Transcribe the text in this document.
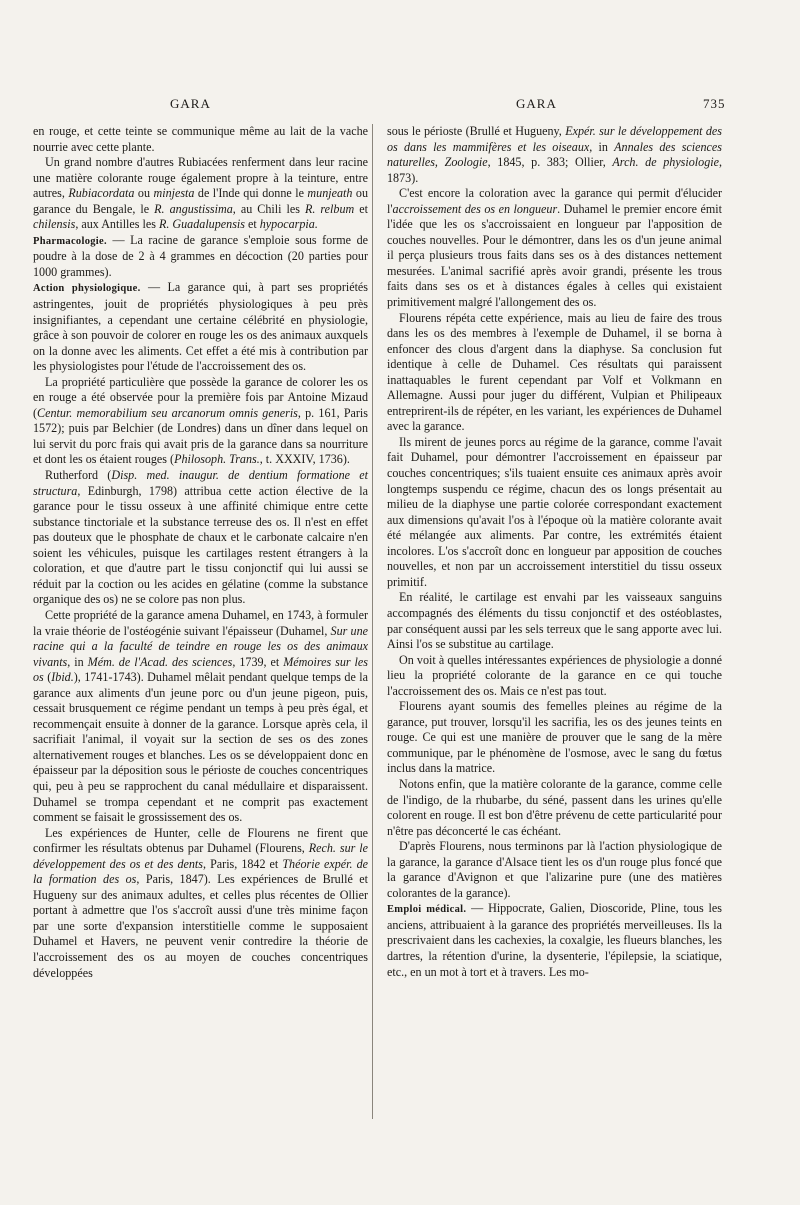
GARA	GARA	735

en rouge, et cette teinte se communique même au lait de la vache nourrie avec cette plante.

Un grand nombre d'autres Rubiacées renferment dans leur racine une matière colorante rouge également propre à la teinture, entre autres, Rubiacordata ou minjesta de l'Inde qui donne le munjeath ou garance du Bengale, le R. angustissima, au Chili les R. relbum et chilensis, aux Antilles les R. Guadalupensis et hypocarpia.

Pharmacologie. — La racine de garance s'emploie sous forme de poudre à la dose de 2 à 4 grammes en décoction (20 parties pour 1000 grammes).

Action physiologique. — La garance qui, à part ses propriétés astringentes, jouit de propriétés physiologiques à peu près insignifiantes, a cependant une certaine célébrité en physiologie, grâce à son pouvoir de colorer en rouge les os des animaux auxquels on la donne avec les aliments. Cet effet a été mis à contribution par les physiologistes pour l'étude de l'accroissement des os.

La propriété particulière que possède la garance de colorer les os en rouge a été observée pour la première fois par Antoine Mizaud (Centur. memorabilium seu arcanorum omnis generis, p. 161, Paris 1572); puis par Belchier (de Londres) dans un dîner dans lequel on lui servit du porc frais qui avait pris de la garance dans sa nourriture et dont les os étaient rouges (Philosoph. Trans., t. XXXIV, 1736).

Rutherford (Disp. med. inaugur. de dentium formatione et structura, Edinburgh, 1798) attribua cette action élective de la garance pour le tissu osseux à une affinité chimique entre cette substance tinctoriale et la substance terreuse des os. Il n'est en effet pas douteux que le phosphate de chaux et le carbonate calcaire n'en soient les véhicules, puisque les cartilages restent étrangers à la coloration, et que d'autre part le tissu conjonctif qui lui aussi se réduit par la coction ou les acides en gélatine (comme la substance organique des os) ne se colore pas non plus.

Cette propriété de la garance amena Duhamel, en 1743, à formuler la vraie théorie de l'ostéogénie suivant l'épaisseur (Duhamel, Sur une racine qui a la faculté de teindre en rouge les os des animaux vivants, in Mém. de l'Acad. des sciences, 1739, et Mémoires sur les os (Ibid.), 1741-1743). Duhamel mêlait pendant quelque temps de la garance aux aliments d'un jeune porc ou d'un jeune pigeon, puis, cessait brusquement ce régime pendant un temps à peu près égal, et recommençait ensuite à donner de la garance. Lorsque après cela, il sacrifiait l'animal, il voyait sur la section de ses os des zones alternativement rouges et blanches. Les os se développaient donc en épaisseur par la déposition sous le périoste de couches concentriques qui, peu à peu se rapprochent du canal médullaire et disparaissent. Duhamel se trompa cependant et ne comprit pas exactement comment se faisait le grossissement des os.

Les expériences de Hunter, celle de Flourens ne firent que confirmer les résultats obtenus par Duhamel (Flourens, Rech. sur le développement des os et des dents, Paris, 1842 et Théorie expér. de la formation des os, Paris, 1847). Les expériences de Brullé et Hugueny sur des animaux adultes, et celles plus récentes de Ollier portant à admettre que l'os s'accroît aussi d'une très minime façon par une sorte d'expansion interstitielle comme le supposaient Duhamel et Havers, ne peuvent venir contredire la théorie de l'accroissement des os au moyen de couches concentriques développées

sous le périoste (Brullé et Hugueny, Expér. sur le développement des os dans les mammifères et les oiseaux, in Annales des sciences naturelles, Zoologie, 1845, p. 383; Ollier, Arch. de physiologie, 1873).

C'est encore la coloration avec la garance qui permit d'élucider l'accroissement des os en longueur. Duhamel le premier encore émit l'idée que les os s'accroissaient en longueur par l'apposition de couches nouvelles. Pour le démontrer, dans les os d'un jeune animal il perça plusieurs trous faits dans ses os à des distances nettement mesurées. L'animal sacrifié après avoir grandi, présente les trous faits dans ses os et à distances égales à celles qui existaient primitivement malgré l'allongement des os.

Flourens répéta cette expérience, mais au lieu de faire des trous dans les os des membres à l'exemple de Duhamel, il se borna à enfoncer des clous d'argent dans la diaphyse. Sa conclusion fut identique à celle de Duhamel. Ces résultats qui paraissent inattaquables le furent cependant par Volf et Volkmann en Allemagne. Aussi pour juger du différent, Vulpian et Philipeaux entreprirent-ils de répéter, en les variant, les expériences de Duhamel avec la garance.

Ils mirent de jeunes porcs au régime de la garance, comme l'avait fait Duhamel, pour démontrer l'accroissement en épaisseur par couches concentriques; s'ils tuaient ensuite ces animaux après avoir longtemps suspendu ce régime, chacun des os longs présentait au milieu de la diaphyse une partie colorée correspondant exactement aux dimensions qu'avait l'os à l'époque où la matière colorante avait été mélangée aux aliments. Par contre, les extrémités étaient incolores. L'os s'accroît donc en longueur par apposition de couches nouvelles, et non par un accroissement interstitiel du tissu osseux primitif.

En réalité, le cartilage est envahi par les vaisseaux sanguins accompagnés des éléments du tissu conjonctif et des ostéoblastes, par conséquent aussi par les sels terreux que le sang apporte avec lui. Ainsi l'os se substitue au cartilage.

On voit à quelles intéressantes expériences de physiologie a donné lieu la propriété colorante de la garance en ce qui touche l'accroissement des os. Mais ce n'est pas tout.

Flourens ayant soumis des femelles pleines au régime de la garance, put trouver, lorsqu'il les sacrifia, les os des jeunes teints en rouge. Ce qui est une manière de prouver que le sang de la mère communique, par le phénomène de l'osmose, avec le sang du fœtus inclus dans la matrice.

Notons enfin, que la matière colorante de la garance, comme celle de l'indigo, de la rhubarbe, du séné, passent dans les urines qu'elle colorent en rouge. Il est bon d'être prévenu de cette particularité pour n'être pas déconcerté le cas échéant.

D'après Flourens, nous terminons par là l'action physiologique de la garance, la garance d'Alsace tient les os d'un rouge plus foncé que la garance d'Avignon et que l'alizarine pure (une des matières colorantes de la garance).

Emploi médical. — Hippocrate, Galien, Dioscoride, Pline, tous les anciens, attribuaient à la garance des propriétés merveilleuses. Ils la prescrivaient dans les cachexies, la coxalgie, les flueurs blanches, les dartres, la rétention d'urine, la dysenterie, l'épilepsie, la sciatique, etc., en un mot à tort et à travers. Les mo-
